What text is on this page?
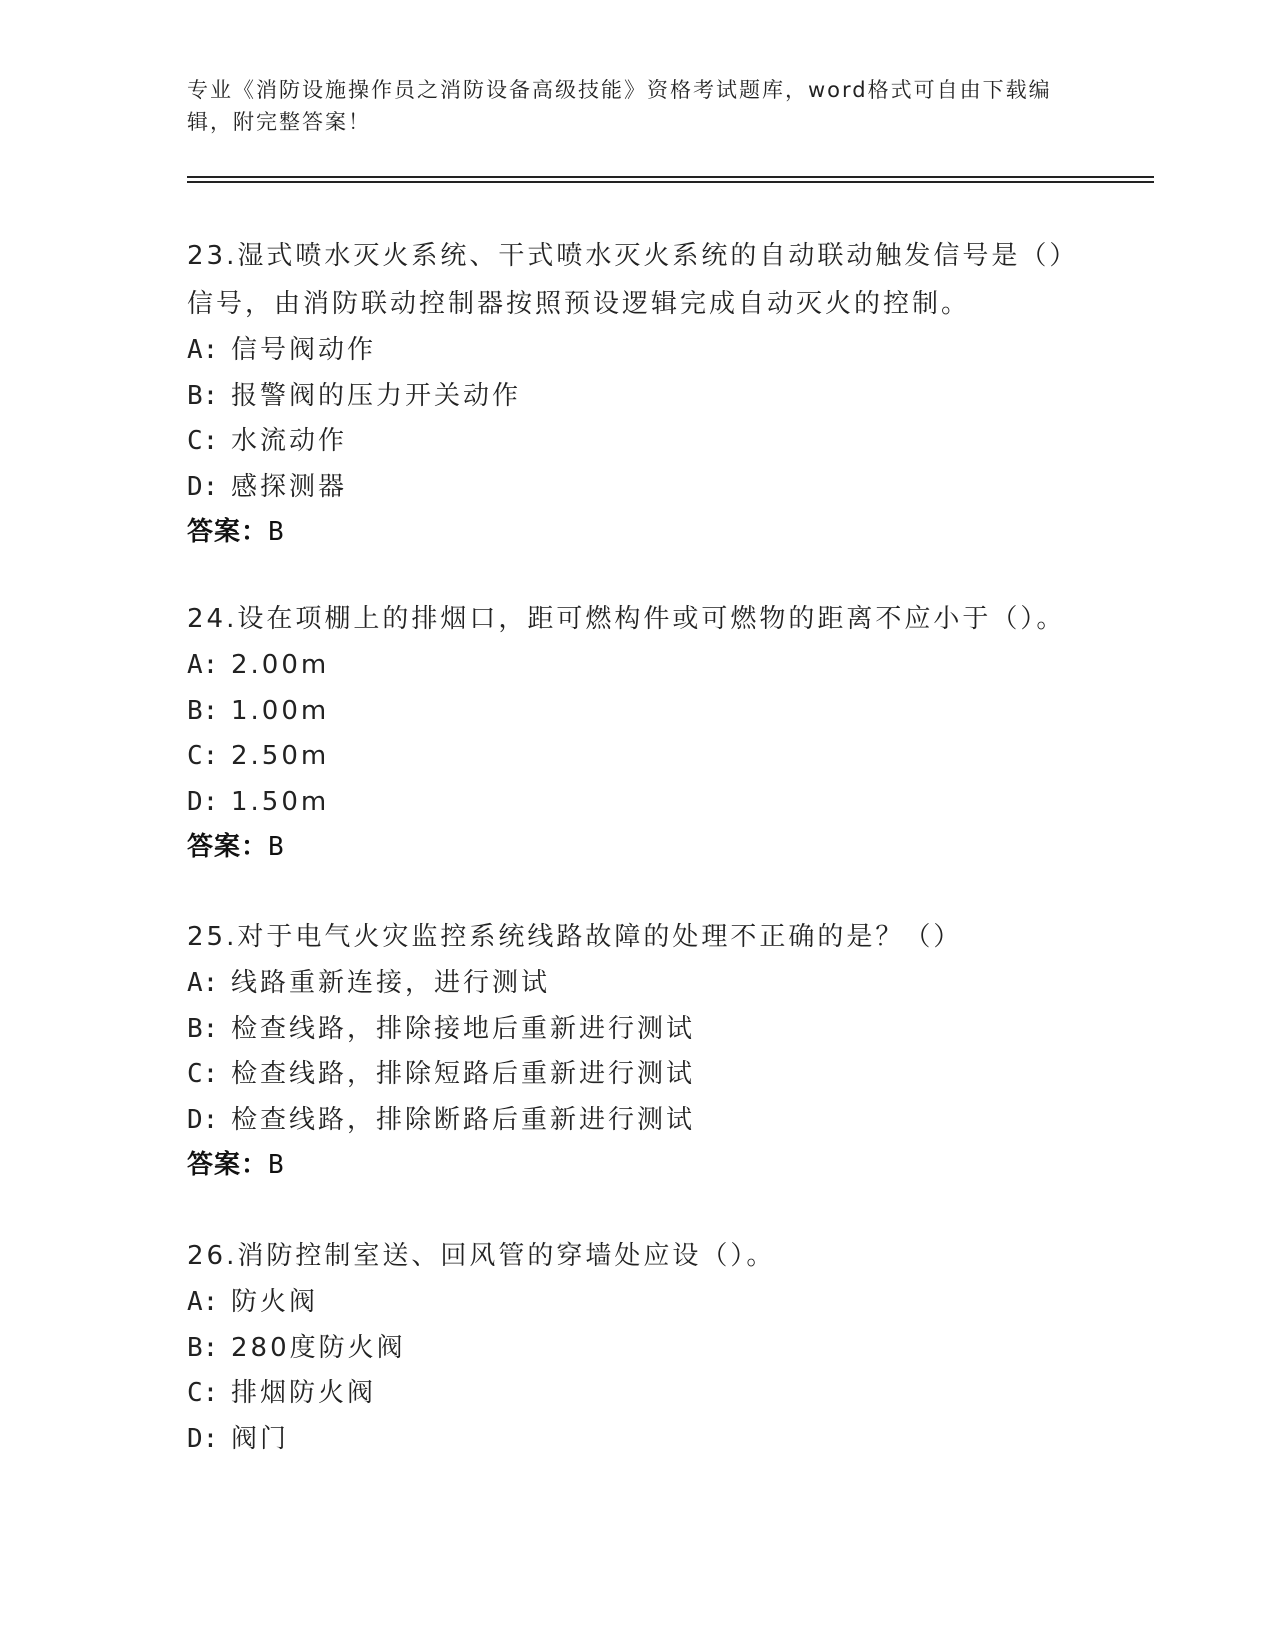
专业《消防设施操作员之消防设备高级技能》资格考试题库，word格式可自由下载编辑，附完整答案！

23.湿式喷水灭火系统、干式喷水灭火系统的自动联动触发信号是（）信号，由消防联动控制器按照预设逻辑完成自动灭火的控制。

A: 信号阀动作
B: 报警阀的压力开关动作
C: 水流动作
D: 感探测器
答案：B

24.设在项棚上的排烟口，距可燃构件或可燃物的距离不应小于（）。

A: 2.00m
B: 1.00m
C: 2.50m
D: 1.50m
答案：B

25.对于电气火灾监控系统线路故障的处理不正确的是？（）

A: 线路重新连接，进行测试
B: 检查线路，排除接地后重新进行测试
C: 检查线路，排除短路后重新进行测试
D: 检查线路，排除断路后重新进行测试
答案：B

26.消防控制室送、回风管的穿墙处应设（）。

A: 防火阀
B: 280度防火阀
C: 排烟防火阀
D: 阀门
